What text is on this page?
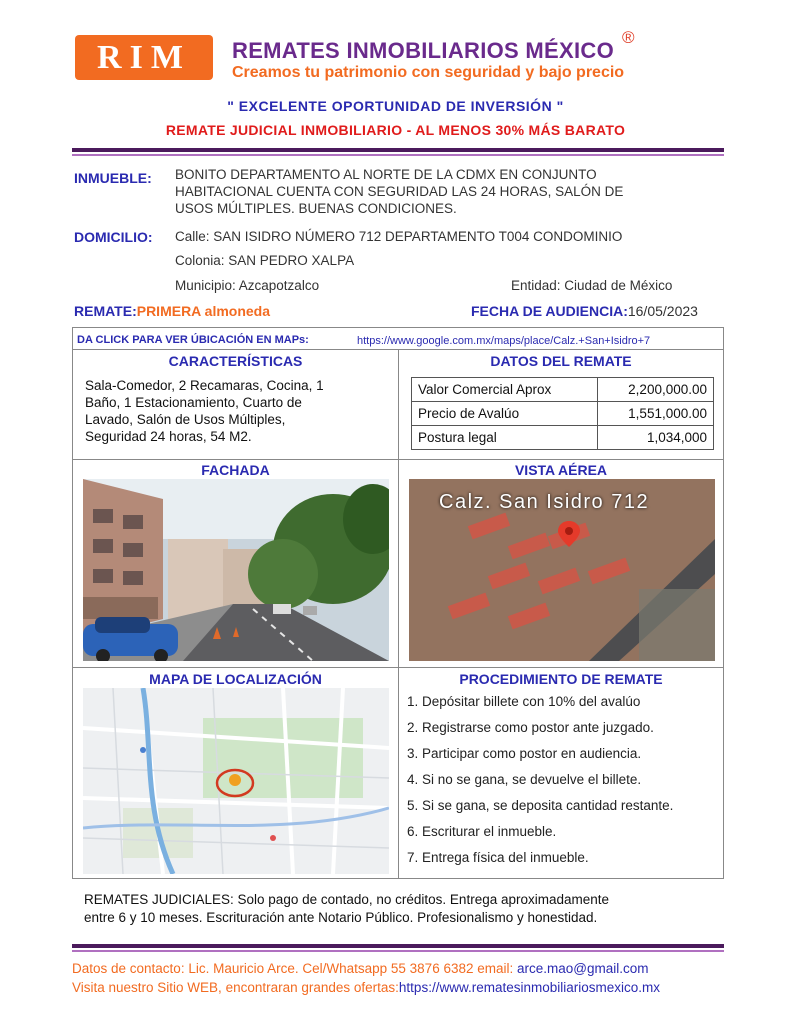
RIM	REMATES INMOBILIARIOS MÉXICO
®
Creamos tu patrimonio con seguridad y bajo precio
" EXCELENTE OPORTUNIDAD DE INVERSIÓN "
REMATE JUDICIAL INMOBILIARIO - AL MENOS 30% MÁS BARATO
INMUEBLE: BONITO DEPARTAMENTO AL NORTE DE LA CDMX EN CONJUNTO
HABITACIONAL CUENTA CON SEGURIDAD LAS 24 HORAS, SALÓN DE
USOS MÚLTIPLES. BUENAS CONDICIONES.
DOMICILIO: Calle: SAN ISIDRO NÚMERO 712 DEPARTAMENTO T004 CONDOMINIO
Colonia: SAN PEDRO XALPA
Municipio: Azcapotzalco	Entidad: Ciudad de México
REMATE:PRIMERA almoneda	FECHA DE AUDIENCIA:16/05/2023
DA CLICK PARA VER ÚBICACIÓN EN MAPs:	https://www.google.com.mx/maps/place/Calz.+San+Isidro+7
CARACTERÍSTICAS
Sala-Comedor, 2 Recamaras, Cocina, 1
Baño, 1 Estacionamiento, Cuarto de
Lavado, Salón de Usos Múltiples,
Seguridad 24 horas, 54 M2.
DATOS DEL REMATE
Valor Comercial Aprox	2,200,000.00
Precio de Avalúo	1,551,000.00
Postura legal	1,034,000
FACHADA	VISTA AÉREA
Calz. San Isidro 712
MAPA DE LOCALIZACIÓN	PROCEDIMIENTO DE REMATE
1. Depósitar billete con 10% del avalúo
2. Registrarse como postor ante juzgado.
3. Participar como postor en audiencia.
4. Si no se gana, se devuelve el billete.
5. Si se gana, se deposita cantidad restante.
6. Escriturar el inmueble.
7. Entrega física del inmueble.
REMATES JUDICIALES: Solo pago de contado, no créditos. Entrega aproximadamente
entre 6 y 10 meses. Escrituración ante Notario Público. Profesionalismo y honestidad.
Datos de contacto: Lic. Mauricio Arce. Cel/Whatsapp 55 3876 6382 email: arce.mao@gmail.com
Visita nuestro Sitio WEB, encontraran grandes ofertas:https://www.rematesinmobiliariosmexico.mx
